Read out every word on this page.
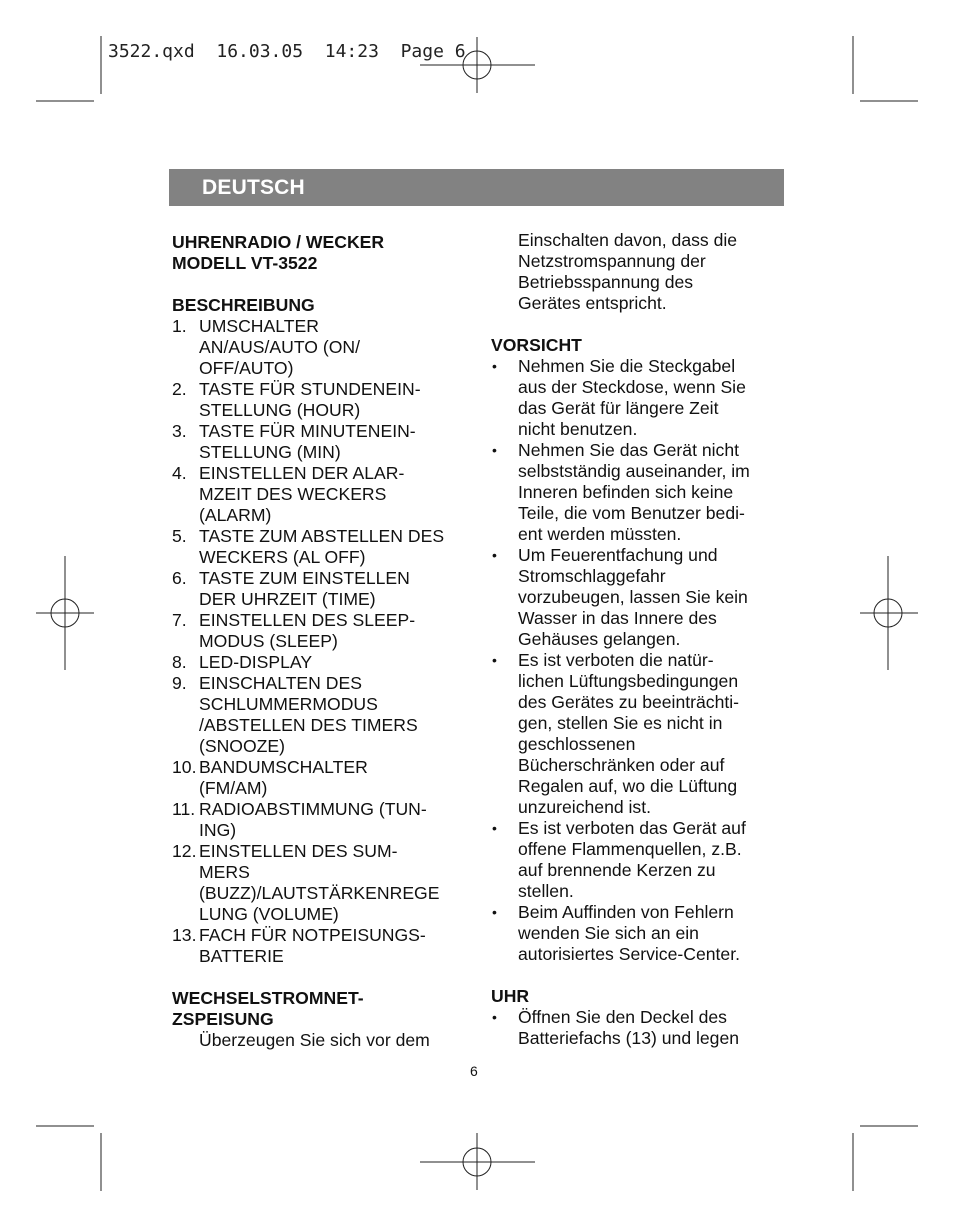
3522.qxd  16.03.05  14:23  Page 6
DEUTSCH
UHRENRADIO / WECKER
MODELL VT-3522
BESCHREIBUNG
1. UMSCHALTER
AN/AUS/AUTO (ON/
OFF/AUTO)
2. TASTE FÜR STUNDENEIN-
STELLUNG (HOUR)
3. TASTE FÜR MINUTENEIN-
STELLUNG (MIN)
4. EINSTELLEN DER ALAR-
MZEIT DES WECKERS
(ALARM)
5. TASTE ZUM ABSTELLEN DES
WECKERS (AL OFF)
6. TASTE ZUM EINSTELLEN
DER UHRZEIT (TIME)
7. EINSTELLEN DES SLEEP-
MODUS (SLEEP)
8. LED-DISPLAY
9. EINSCHALTEN DES
SCHLUMMERMODUS
/ABSTELLEN DES TIMERS
(SNOOZE)
10. BANDUMSCHALTER
(FM/AM)
11. RADIOABSTIMMUNG (TUN-
ING)
12. EINSTELLEN DES SUM-
MERS
(BUZZ)/LAUTSTÄRKENREGE
LUNG (VOLUME)
13. FACH FÜR NOTPEISUNGS-
BATTERIE
WECHSELSTROMNET-
ZSPEISUNG
Überzeugen Sie sich vor dem
Einschalten davon, dass die
Netzstromspannung der
Betriebsspannung des
Gerätes entspricht.
VORSICHT
• Nehmen Sie die Steckgabel
aus der Steckdose, wenn Sie
das Gerät für längere Zeit
nicht benutzen.
• Nehmen Sie das Gerät nicht
selbstständig auseinander, im
Inneren befinden sich keine
Teile, die vom Benutzer bedi-
ent werden müssten.
• Um Feuerentfachung und
Stromschlaggefahr
vorzubeugen, lassen Sie kein
Wasser in das Innere des
Gehäuses gelangen.
• Es ist verboten die natür-
lichen Lüftungsbedingungen
des Gerätes zu beeinträchti-
gen, stellen Sie es nicht in
geschlossenen
Bücherschränken oder auf
Regalen auf, wo die Lüftung
unzureichend ist.
• Es ist verboten das Gerät auf
offene Flammenquellen, z.B.
auf brennende Kerzen zu
stellen.
• Beim Auffinden von Fehlern
wenden Sie sich an ein
autorisiertes Service-Center.
UHR
• Öffnen Sie den Deckel des
Batteriefachs (13) und legen
6
